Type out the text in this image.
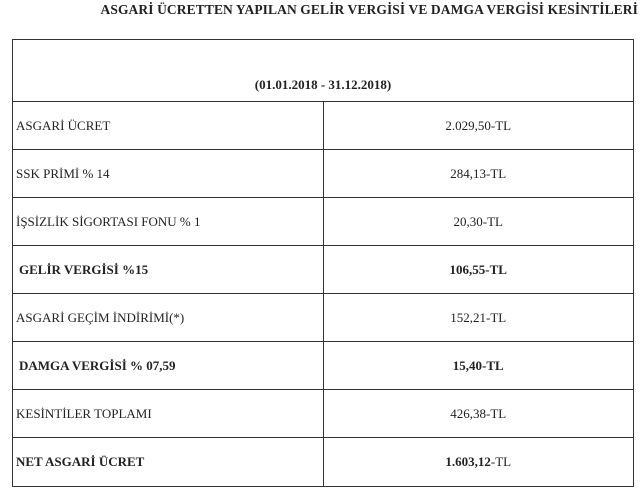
ASGARİ ÜCRETTEN YAPILAN GELİR VERGİSİ VE DAMGA VERGİSİ KESİNTİLERİ
(01.01.2018 - 31.12.2018)	
ASGARİ ÜCRET	2.029,50-TL
SSK PRİMİ % 14	284,13-TL
İŞSİZLİK SİGORTASI FONU % 1	20,30-TL
GELİR VERGİSİ %15	106,55-TL
ASGARİ GEÇİM İNDİRİMİ(*)	152,21-TL
DAMGA VERGİSİ % 07,59	15,40-TL
KESİNTİLER TOPLAMI	426,38-TL
NET ASGARİ ÜCRET	1.603,12-TL
